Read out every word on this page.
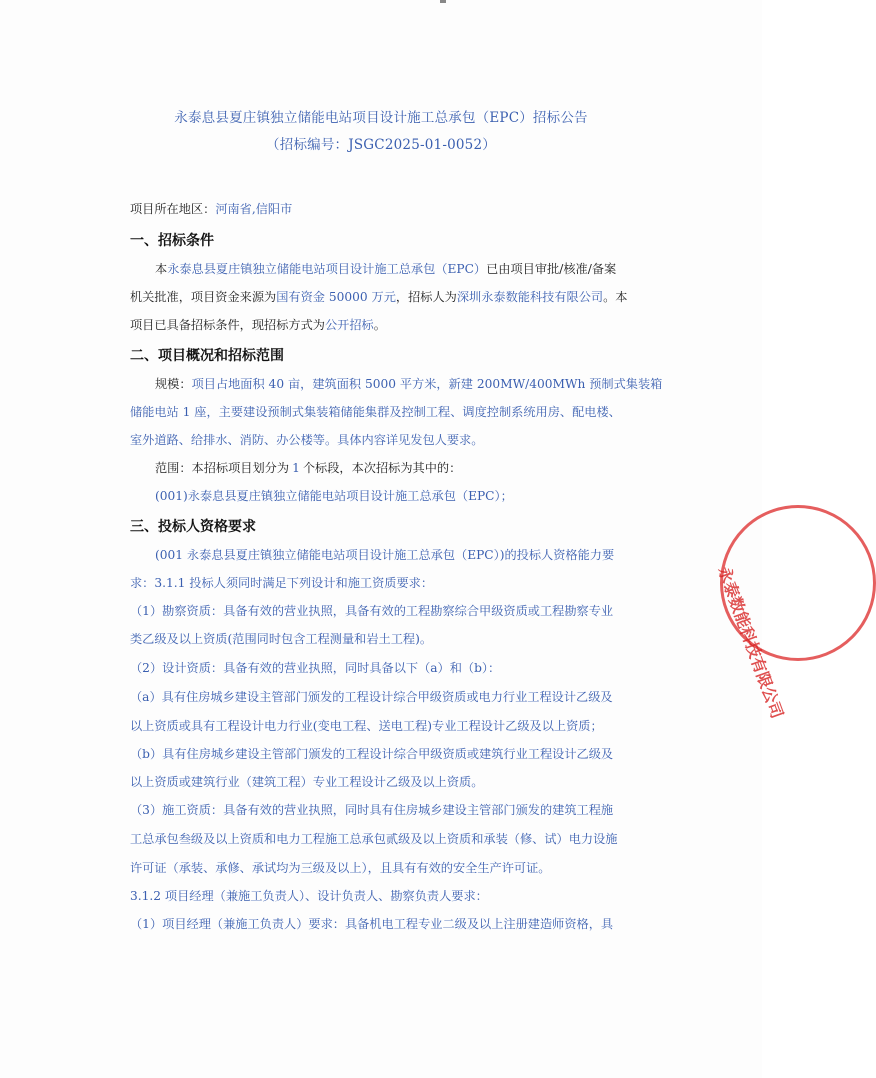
永泰息县夏庄镇独立储能电站项目设计施工总承包（EPC）招标公告
（招标编号：JSGC2025-01-0052）
项目所在地区：河南省,信阳市
一、招标条件
本永泰息县夏庄镇独立储能电站项目设计施工总承包（EPC）已由项目审批/核准/备案
机关批准，项目资金来源为国有资金 50000 万元，招标人为深圳永泰数能科技有限公司。本
项目已具备招标条件，现招标方式为公开招标。
二、项目概况和招标范围
规模：项目占地面积 40 亩，建筑面积 5000 平方米，新建 200MW/400MWh 预制式集装箱
储能电站 1 座，主要建设预制式集装箱储能集群及控制工程、调度控制系统用房、配电楼、
室外道路、给排水、消防、办公楼等。具体内容详见发包人要求。
范围：本招标项目划分为 1 个标段，本次招标为其中的：
(001)永泰息县夏庄镇独立储能电站项目设计施工总承包（EPC）；
三、投标人资格要求
(001 永泰息县夏庄镇独立储能电站项目设计施工总承包（EPC）)的投标人资格能力要
求：3.1.1 投标人须同时满足下列设计和施工资质要求：
（1）勘察资质：具备有效的营业执照，具备有效的工程勘察综合甲级资质或工程勘察专业
类乙级及以上资质(范围同时包含工程测量和岩土工程)。
（2）设计资质：具备有效的营业执照，同时具备以下（a）和（b）：
（a）具有住房城乡建设主管部门颁发的工程设计综合甲级资质或电力行业工程设计乙级及
以上资质或具有工程设计电力行业(变电工程、送电工程)专业工程设计乙级及以上资质；
（b）具有住房城乡建设主管部门颁发的工程设计综合甲级资质或建筑行业工程设计乙级及
以上资质或建筑行业（建筑工程）专业工程设计乙级及以上资质。
（3）施工资质：具备有效的营业执照，同时具有住房城乡建设主管部门颁发的建筑工程施
工总承包叁级及以上资质和电力工程施工总承包贰级及以上资质和承装（修、试）电力设施
许可证（承装、承修、承试均为三级及以上），且具有有效的安全生产许可证。
3.1.2 项目经理（兼施工负责人）、设计负责人、勘察负责人要求：
（1）项目经理（兼施工负责人）要求：具备机电工程专业二级及以上注册建造师资格，具
永泰数能科技有限公司
